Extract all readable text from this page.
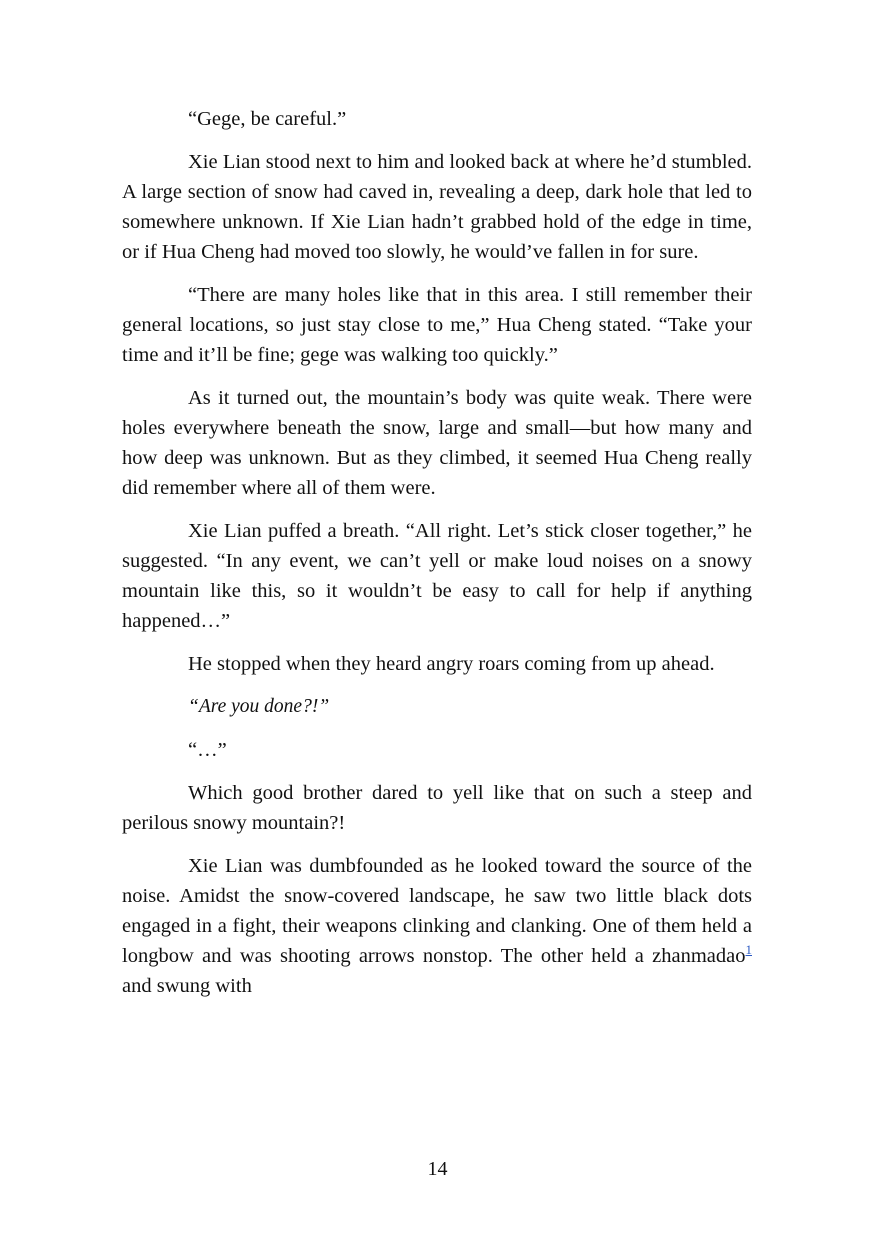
“Gege, be careful.”

Xie Lian stood next to him and looked back at where he’d stumbled. A large section of snow had caved in, revealing a deep, dark hole that led to somewhere unknown. If Xie Lian hadn’t grabbed hold of the edge in time, or if Hua Cheng had moved too slowly, he would’ve fallen in for sure.

“There are many holes like that in this area. I still remember their general locations, so just stay close to me,” Hua Cheng stated. “Take your time and it’ll be fine; gege was walking too quickly.”

As it turned out, the mountain’s body was quite weak. There were holes everywhere beneath the snow, large and small—but how many and how deep was unknown. But as they climbed, it seemed Hua Cheng really did remember where all of them were.

Xie Lian puffed a breath. “All right. Let’s stick closer together,” he suggested. “In any event, we can’t yell or make loud noises on a snowy mountain like this, so it wouldn’t be easy to call for help if anything happened…”

He stopped when they heard angry roars coming from up ahead.

“Are you done?!”

“…”

Which good brother dared to yell like that on such a steep and perilous snowy mountain?!

Xie Lian was dumbfounded as he looked toward the source of the noise. Amidst the snow-covered landscape, he saw two little black dots engaged in a fight, their weapons clinking and clanking. One of them held a longbow and was shooting arrows nonstop. The other held a zhanmadao$^1$ and swung with

14
